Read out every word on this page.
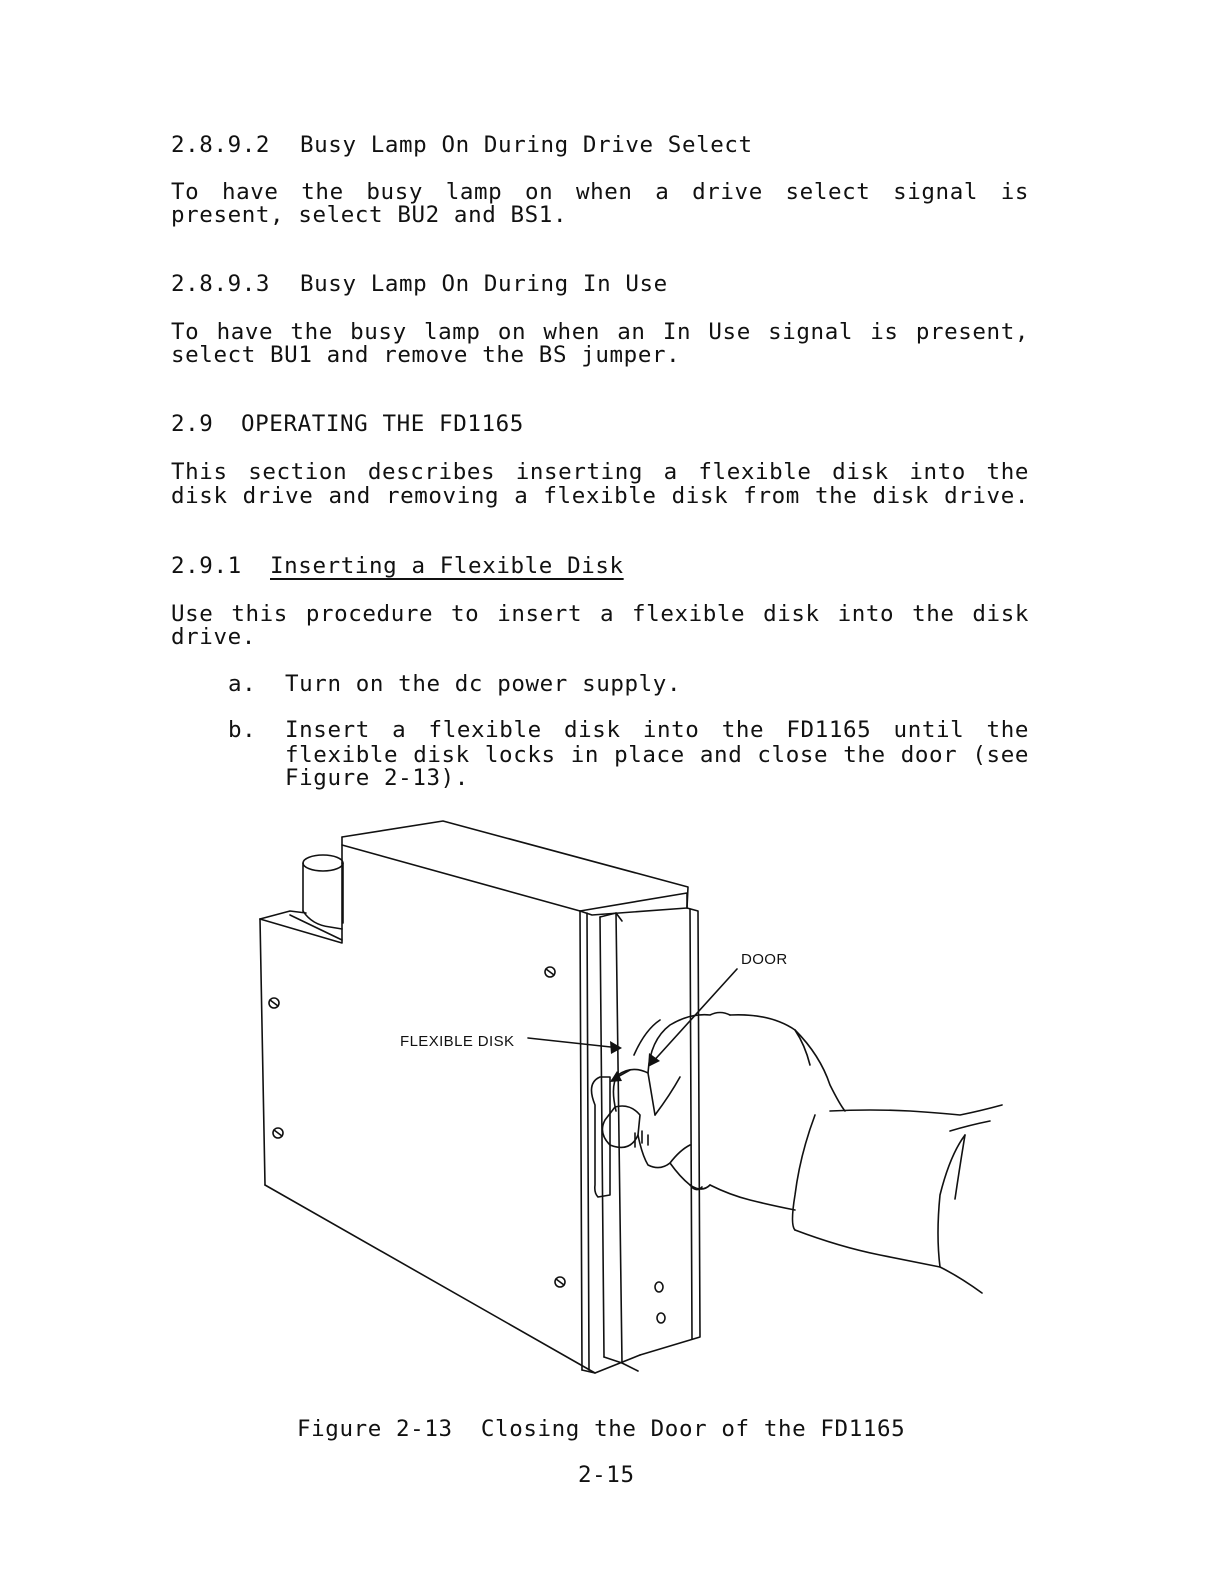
2.8.9.2 Busy Lamp On During Drive Select
To have the busy lamp on when a drive select signal is
present, select BU2 and BS1.
2.8.9.3 Busy Lamp On During In Use
To have the busy lamp on when an In Use signal is present,
select BU1 and remove the BS jumper.
2.9 OPERATING THE FD1165
This section describes inserting a flexible disk into the
disk drive and removing a flexible disk from the disk drive.
2.9.1 Inserting a Flexible Disk
Use this procedure to insert a flexible disk into the disk
drive.
a. Turn on the dc power supply.
b. Insert a flexible disk into the FD1165 until the
flexible disk locks in place and close the door (see
Figure 2-13).
DOOR
FLEXIBLE DISK
Figure 2-13  Closing the Door of the FD1165
2-15
